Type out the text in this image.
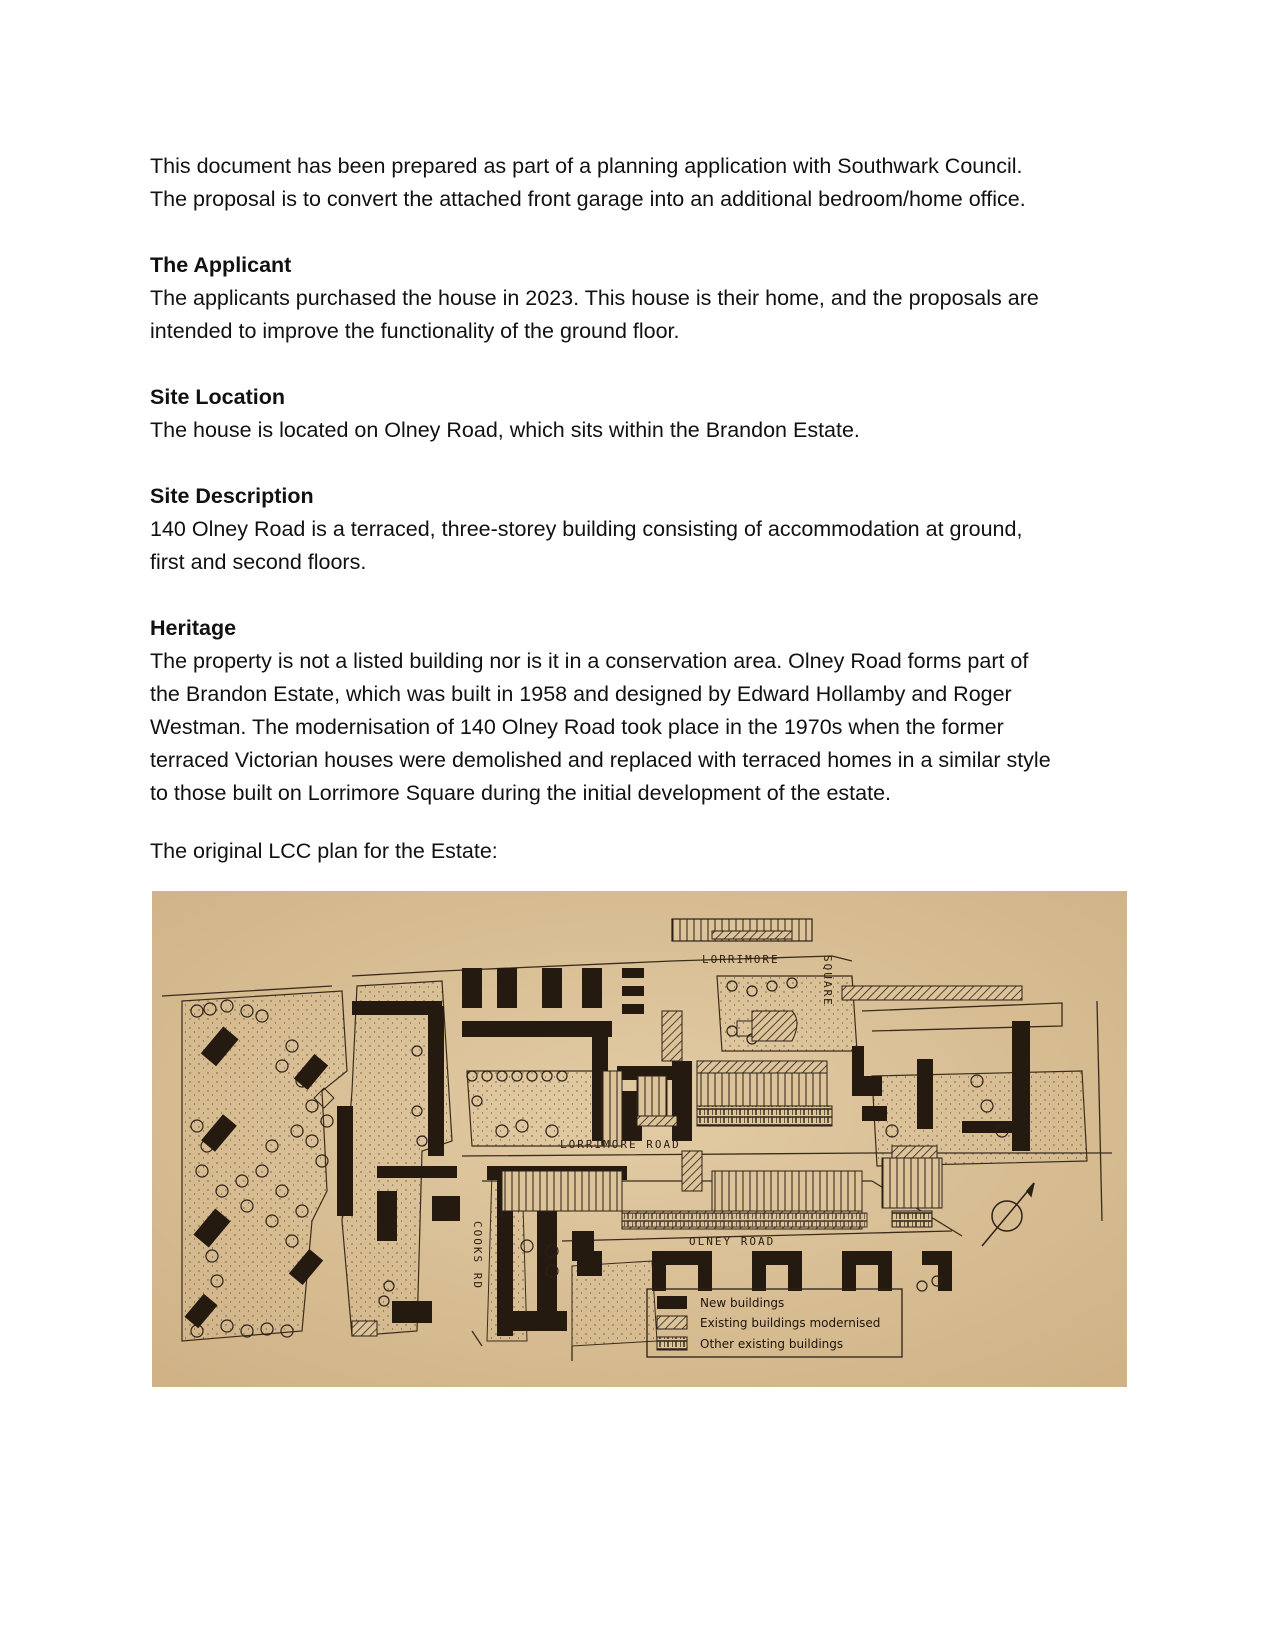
This document has been prepared as part of a planning application with Southwark Council.

The proposal is to convert the attached front garage into an additional bedroom/home office.

The Applicant

The applicants purchased the house in 2023. This house is their home, and the proposals are

intended to improve the functionality of the ground floor.

Site Location

The house is located on Olney Road, which sits within the Brandon Estate.

Site Description

140 Olney Road is a terraced, three-storey building consisting of accommodation at ground,

first and second floors.

Heritage

The property is not a listed building nor is it in a conservation area. Olney Road forms part of

the Brandon Estate, which was built in 1958 and designed by Edward Hollamby and Roger

Westman. The modernisation of 140 Olney Road took place in the 1970s when the former

terraced Victorian houses were demolished and replaced with terraced homes in a similar style

to those built on Lorrimore Square during the initial development of the estate.

The original LCC plan for the Estate:

LORRIMORE	SQUARE
LORRIMORE ROAD
OLNEY ROAD
COOKS RD
New buildings
Existing buildings modernised
Other existing buildings
